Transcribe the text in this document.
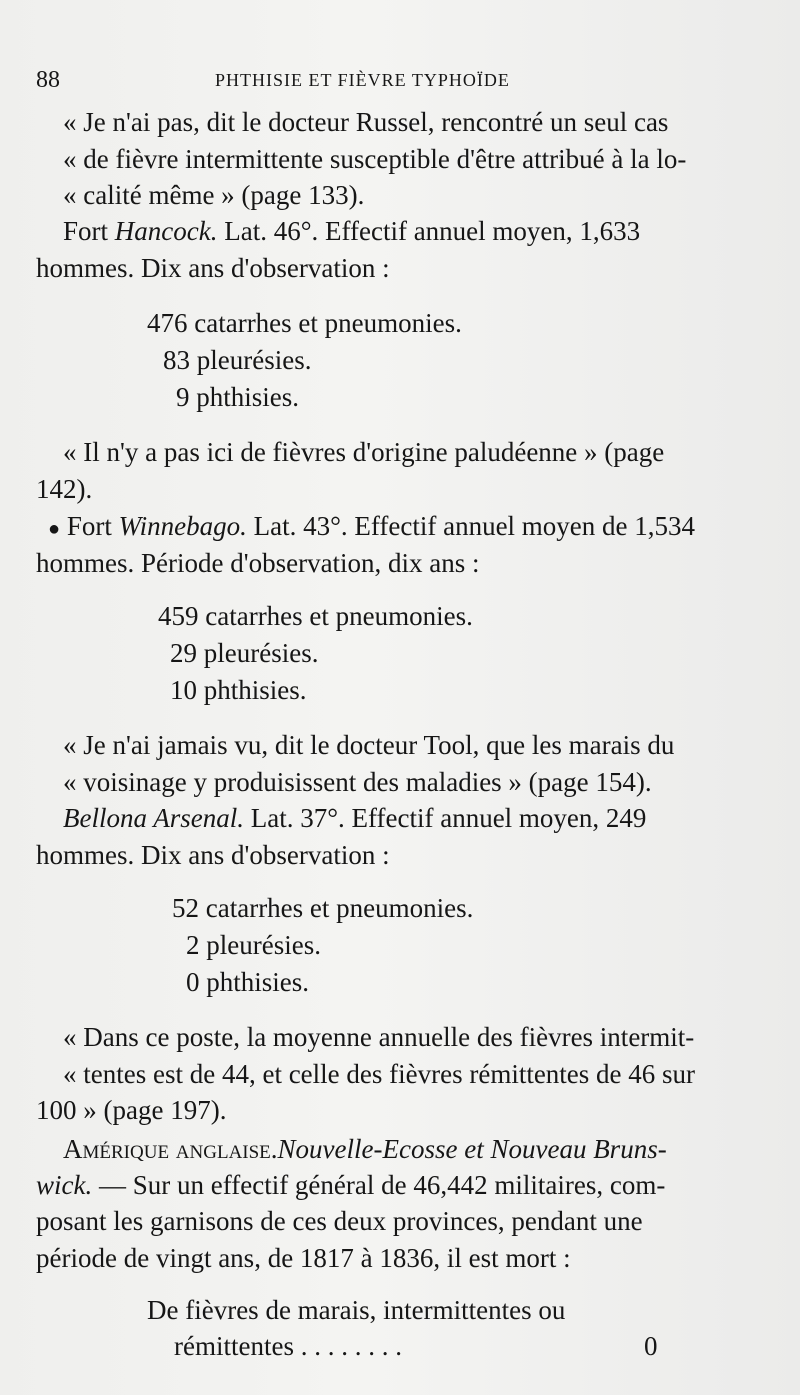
88	PHTHISIE ET FIÈVRE TYPHOÏDE
« Je n'ai pas, dit le docteur Russel, rencontré un seul cas
« de fièvre intermittente susceptible d'être attribué à la lo-
« calité même » (page 133).
Fort Hancock. Lat. 46°. Effectif annuel moyen, 1,633
hommes. Dix ans d'observation :
476 catarrhes et pneumonies.
83 pleurésies.
9 phthisies.
« Il n'y a pas ici de fièvres d'origine paludéenne » (page
142).
● Fort Winnebago. Lat. 43°. Effectif annuel moyen de 1,534
hommes. Période d'observation, dix ans :
459 catarrhes et pneumonies.
29 pleurésies.
10 phthisies.
« Je n'ai jamais vu, dit le docteur Tool, que les marais du
« voisinage y produisissent des maladies » (page 154).
Bellona Arsenal. Lat. 37°. Effectif annuel moyen, 249
hommes. Dix ans d'observation :
52 catarrhes et pneumonies.
2 pleurésies.
0 phthisies.
« Dans ce poste, la moyenne annuelle des fièvres intermit-
« tentes est de 44, et celle des fièvres rémittentes de 46 sur
100 » (page 197).
Amérique anglaise.Nouvelle-Ecosse et Nouveau Bruns-
wick. — Sur un effectif général de 46,442 militaires, com-
posant les garnisons de ces deux provinces, pendant une
période de vingt ans, de 1817 à 1836, il est mort :
De fièvres de marais, intermittentes ou
rémittentes . . . . . . . .	0
